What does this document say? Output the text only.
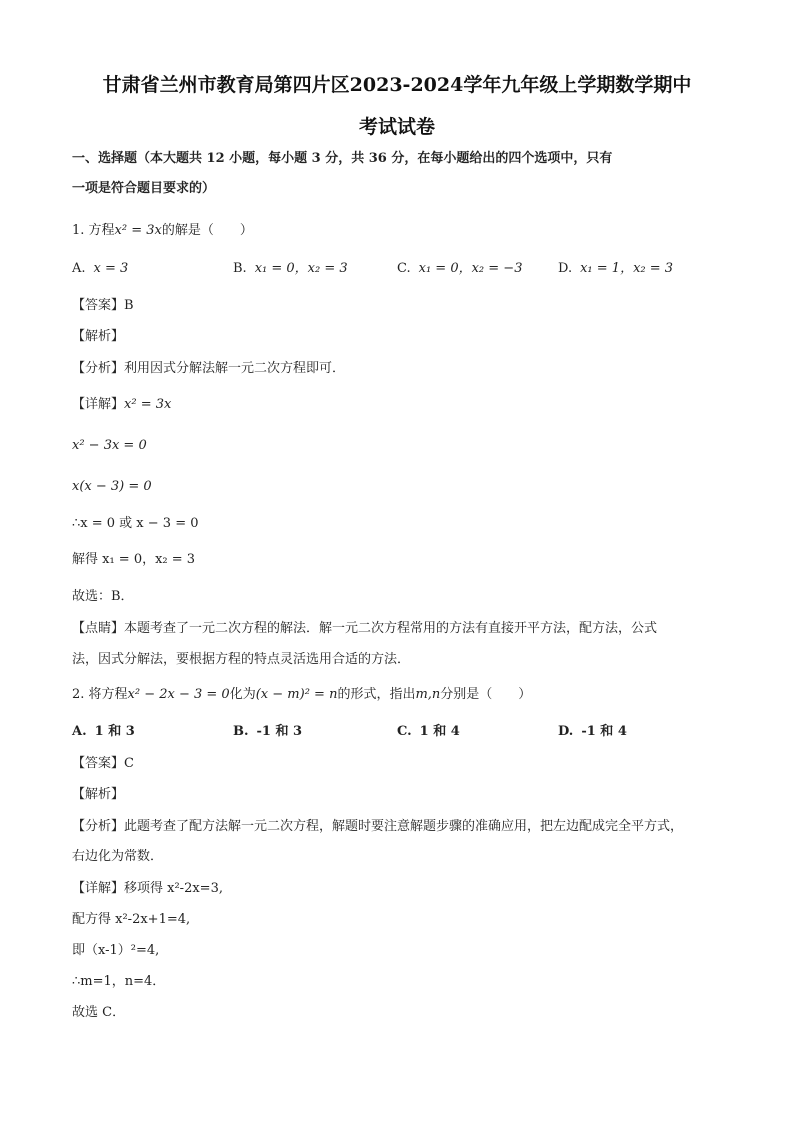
甘肃省兰州市教育局第四片区2023-2024学年九年级上学期数学期中
考试试卷
一、选择题（本大题共 12 小题，每小题 3 分，共 36 分，在每小题给出的四个选项中，只有
一项是符合题目要求的）
1. 方程x² = 3x的解是（　　）
A. x = 3	B. x₁ = 0，x₂ = 3	C. x₁ = 0，x₂ = −3	D. x₁ = 1，x₂ = 3
【答案】B
【解析】
【分析】利用因式分解法解一元二次方程即可．
【详解】x² = 3x
x² − 3x = 0
x(x − 3) = 0
∴x = 0 或 x − 3 = 0
解得 x₁ = 0，x₂ = 3
故选：B．
【点睛】本题考查了一元二次方程的解法．解一元二次方程常用的方法有直接开平方法，配方法，公式
法，因式分解法，要根据方程的特点灵活选用合适的方法．
2. 将方程x² − 2x − 3 = 0化为(x − m)² = n的形式，指出m,n分别是（　　）
A. 1 和 3	B. -1 和 3	C. 1 和 4	D. -1 和 4
【答案】C
【解析】
【分析】此题考查了配方法解一元二次方程，解题时要注意解题步骤的准确应用，把左边配成完全平方式，
右边化为常数．
【详解】移项得 x²-2x=3,
配方得 x²-2x+1=4,
即（x-1）²=4,
∴m=1，n=4．
故选 C．
